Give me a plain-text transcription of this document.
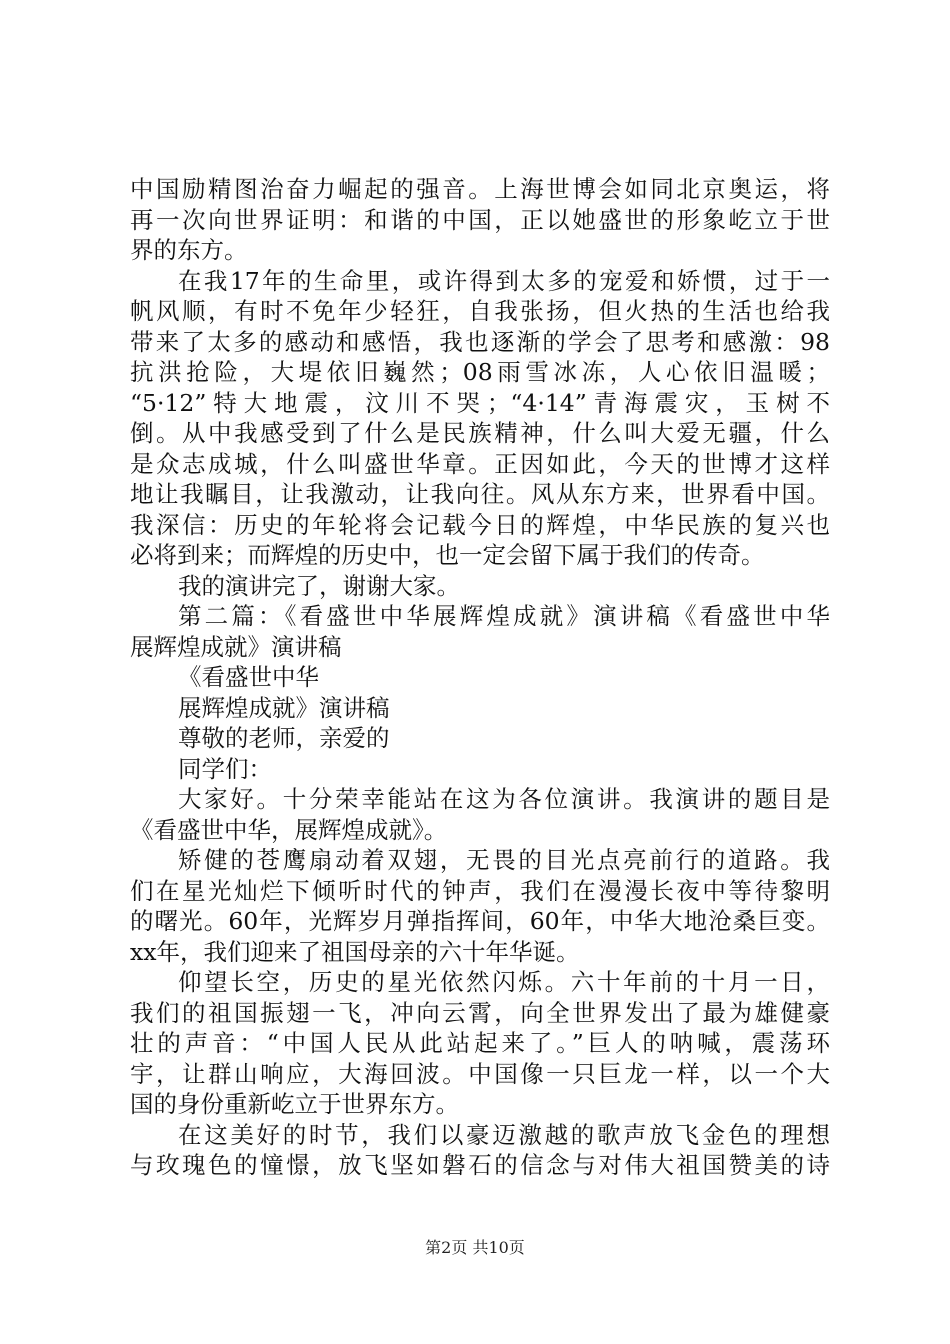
中国励精图治奋力崛起的强音。上海世博会如同北京奥运，将
再一次向世界证明：和谐的中国，正以她盛世的形象屹立于世
界的东方。
在我17年的生命里，或许得到太多的宠爱和娇惯，过于一
帆风顺，有时不免年少轻狂，自我张扬，但火热的生活也给我
带来了太多的感动和感悟，我也逐渐的学会了思考和感激：98
抗洪抢险，大堤依旧巍然；08雨雪冰冻，人心依旧温暖；
“5·12”特大地震，汶川不哭；“4·14”青海震灾，玉树不
倒。从中我感受到了什么是民族精神，什么叫大爱无疆，什么
是众志成城，什么叫盛世华章。正因如此，今天的世博才这样
地让我瞩目，让我激动，让我向往。风从东方来，世界看中国。
我深信：历史的年轮将会记载今日的辉煌，中华民族的复兴也
必将到来；而辉煌的历史中，也一定会留下属于我们的传奇。
我的演讲完了，谢谢大家。
第二篇：《看盛世中华展辉煌成就》演讲稿《看盛世中华
展辉煌成就》演讲稿
《看盛世中华
展辉煌成就》演讲稿
尊敬的老师，亲爱的
同学们：
大家好。十分荣幸能站在这为各位演讲。我演讲的题目是
《看盛世中华，展辉煌成就》。
矫健的苍鹰扇动着双翅，无畏的目光点亮前行的道路。我
们在星光灿烂下倾听时代的钟声，我们在漫漫长夜中等待黎明
的曙光。60年，光辉岁月弹指挥间，60年，中华大地沧桑巨变。
xx年，我们迎来了祖国母亲的六十年华诞。
仰望长空，历史的星光依然闪烁。六十年前的十月一日，
我们的祖国振翅一飞，冲向云霄，向全世界发出了最为雄健豪
壮的声音：“中国人民从此站起来了。”巨人的呐喊，震荡环
宇，让群山响应，大海回波。中国像一只巨龙一样，以一个大
国的身份重新屹立于世界东方。
在这美好的时节，我们以豪迈激越的歌声放飞金色的理想
与玫瑰色的憧憬，放飞坚如磐石的信念与对伟大祖国赞美的诗
第2页 共10页
